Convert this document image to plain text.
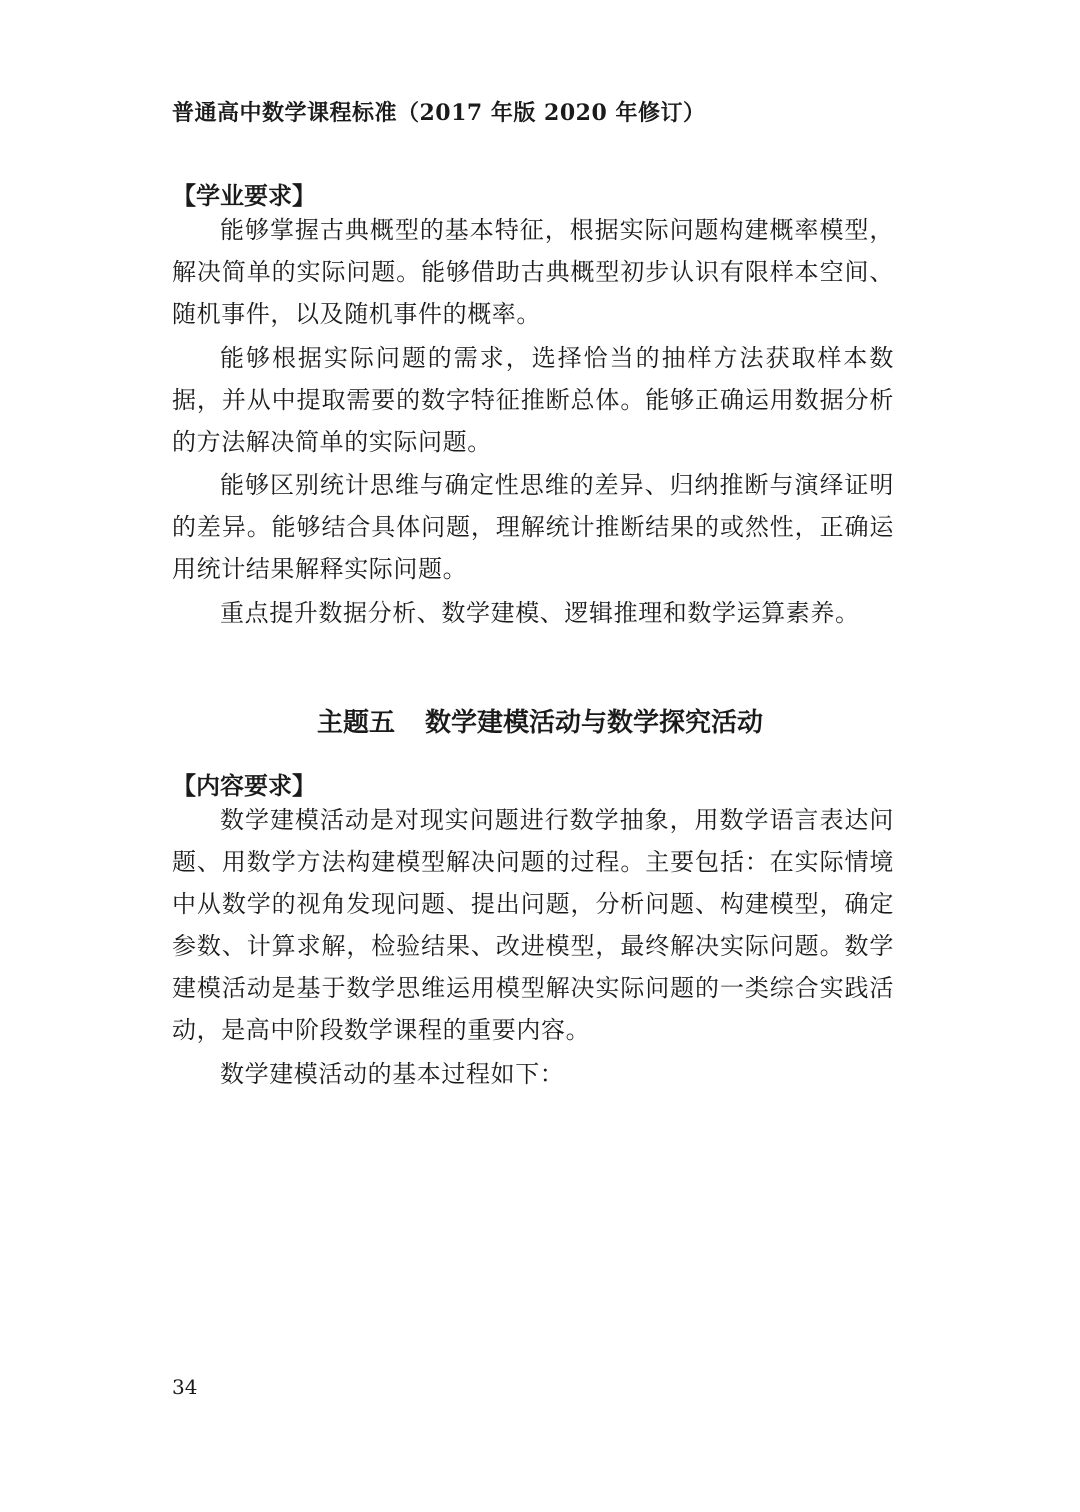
普通高中数学课程标准（2017 年版 2020 年修订）
【学业要求】

能够掌握古典概型的基本特征，根据实际问题构建概率模型，解决简单的实际问题。能够借助古典概型初步认识有限样本空间、随机事件，以及随机事件的概率。

能够根据实际问题的需求，选择恰当的抽样方法获取样本数据，并从中提取需要的数字特征推断总体。能够正确运用数据分析的方法解决简单的实际问题。

能够区别统计思维与确定性思维的差异、归纳推断与演绎证明的差异。能够结合具体问题，理解统计推断结果的或然性，正确运用统计结果解释实际问题。

重点提升数据分析、数学建模、逻辑推理和数学运算素养。

主题五 数学建模活动与数学探究活动
【内容要求】

数学建模活动是对现实问题进行数学抽象，用数学语言表达问题、用数学方法构建模型解决问题的过程。主要包括：在实际情境中从数学的视角发现问题、提出问题，分析问题、构建模型，确定参数、计算求解，检验结果、改进模型，最终解决实际问题。数学建模活动是基于数学思维运用模型解决实际问题的一类综合实践活动，是高中阶段数学课程的重要内容。

数学建模活动的基本过程如下：

34
